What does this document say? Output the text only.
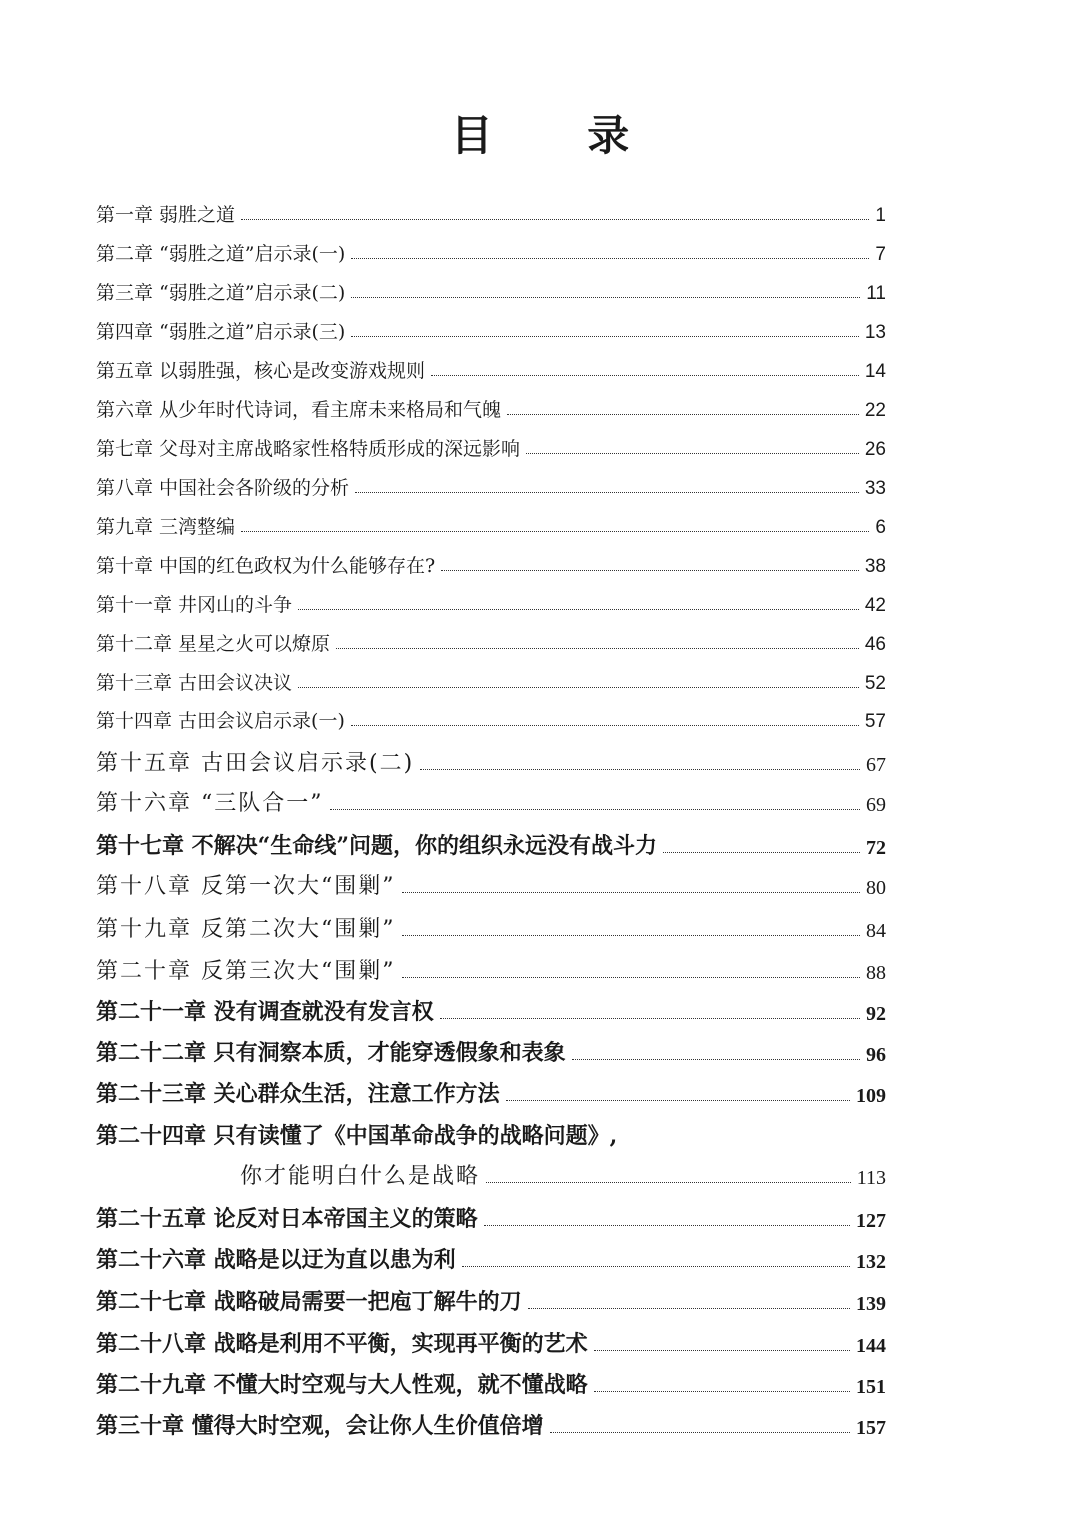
目 录
第一章 弱胜之道	1
第二章 “弱胜之道”启示录(一)	7
第三章 “弱胜之道”启示录(二)	11
第四章 “弱胜之道”启示录(三)	13
第五章 以弱胜强，核心是改变游戏规则	14
第六章 从少年时代诗词，看主席未来格局和气魄	22
第七章 父母对主席战略家性格特质形成的深远影响	26
第八章 中国社会各阶级的分析	33
第九章 三湾整编	6
第十章 中国的红色政权为什么能够存在?	38
第十一章 井冈山的斗争	42
第十二章 星星之火可以燎原	46
第十三章 古田会议决议	52
第十四章 古田会议启示录(一)	57
第十五章 古田会议启示录(二)	67
第十六章 “三队合一”	69
第十七章 不解决“生命线”问题，你的组织永远没有战斗力	72
第十八章 反第一次大“围剿”	80
第十九章 反第二次大“围剿”	84
第二十章 反第三次大“围剿”	88
第二十一章 没有调查就没有发言权	92
第二十二章 只有洞察本质，才能穿透假象和表象	96
第二十三章 关心群众生活，注意工作方法	109
第二十四章 只有读懂了《中国革命战争的战略问题》,
你才能明白什么是战略	113
第二十五章 论反对日本帝国主义的策略	127
第二十六章 战略是以迂为直以患为利	132
第二十七章 战略破局需要一把庖丁解牛的刀	139
第二十八章 战略是利用不平衡，实现再平衡的艺术	144
第二十九章 不懂大时空观与大人性观，就不懂战略	151
第三十章 懂得大时空观，会让你人生价值倍增	157
